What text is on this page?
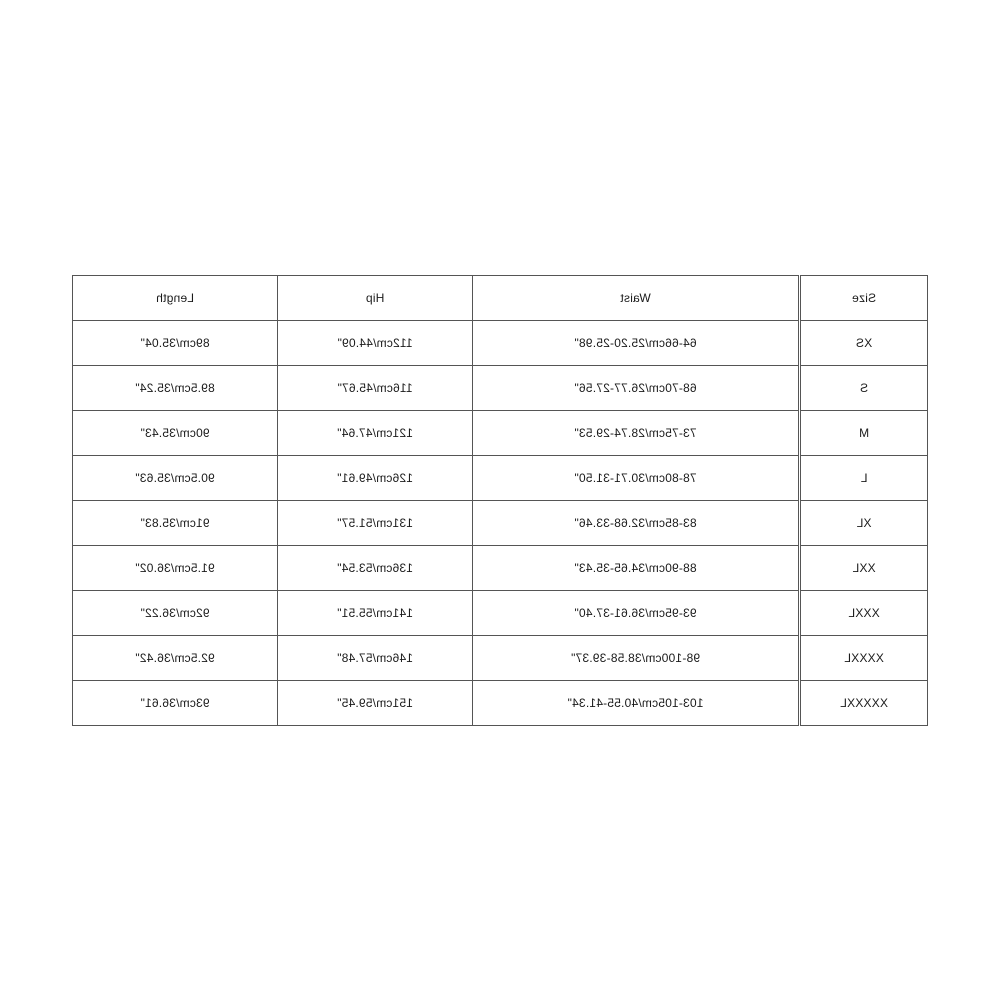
Size	Waist	Hip	Length
XS	64-66cm/25.20-25.98"	112cm/44.09"	89cm/35.04"
S	68-70cm/26.77-27.56"	116cm/45.67"	89.5cm/35.24"
M	73-75cm/28.74-29.53"	121cm/47.64"	90cm/35.43"
L	78-80cm/30.71-31.50"	126cm/49.61"	90.5cm/35.63"
XL	83-85cm/32.68-33.46"	131cm/51.57"	91cm/35.83"
XXL	88-90cm/34.65-35.43"	136cm/53.54"	91.5cm/36.02"
XXXL	93-95cm/36.61-37.40"	141cm/55.51"	92cm/36.22"
XXXXL	98-100cm/38.58-39.37"	146cm/57.48"	92.5cm/36.42"
XXXXXL	103-105cm/40.55-41.34"	151cm/59.45"	93cm/36.61"
